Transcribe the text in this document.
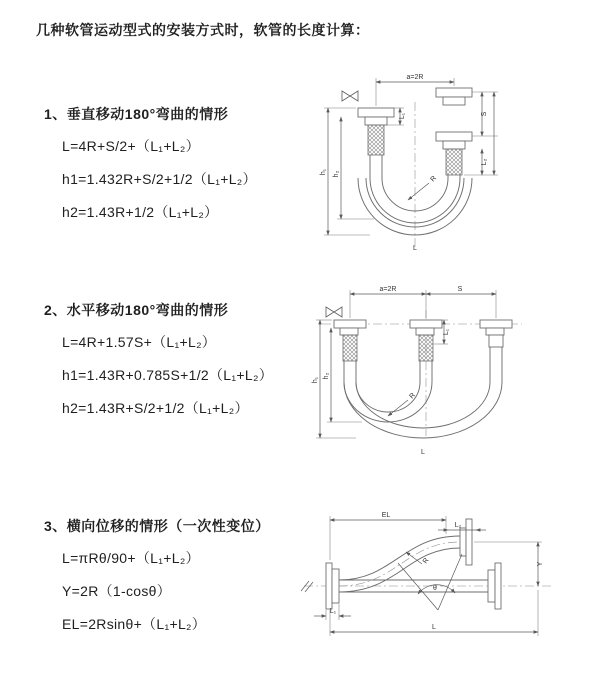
几种软管运动型式的安装方式时，软管的长度计算：
1、垂直移动180°弯曲的情形
L=4R+S/2+（L₁+L₂）
h1=1.432R+S/2+1/2（L₁+L₂）
h2=1.43R+1/2（L₁+L₂）
a=2R
h₁ h₂
L₁	S
L₂
R
L
2、水平移动180°弯曲的情形
L=4R+1.57S+（L₁+L₂）
h1=1.43R+0.785S+1/2（L₁+L₂）
h2=1.43R+S/2+1/2（L₁+L₂）
a=2R	S
h₁
h₂
L₁
R
L
3、横向位移的情形（一次性变位）
L=πRθ/90+（L₁+L₂）
Y=2R（1-cosθ）
EL=2Rsinθ+（L₁+L₂）
EL
L₂
Y
L
L₁
θ
R
